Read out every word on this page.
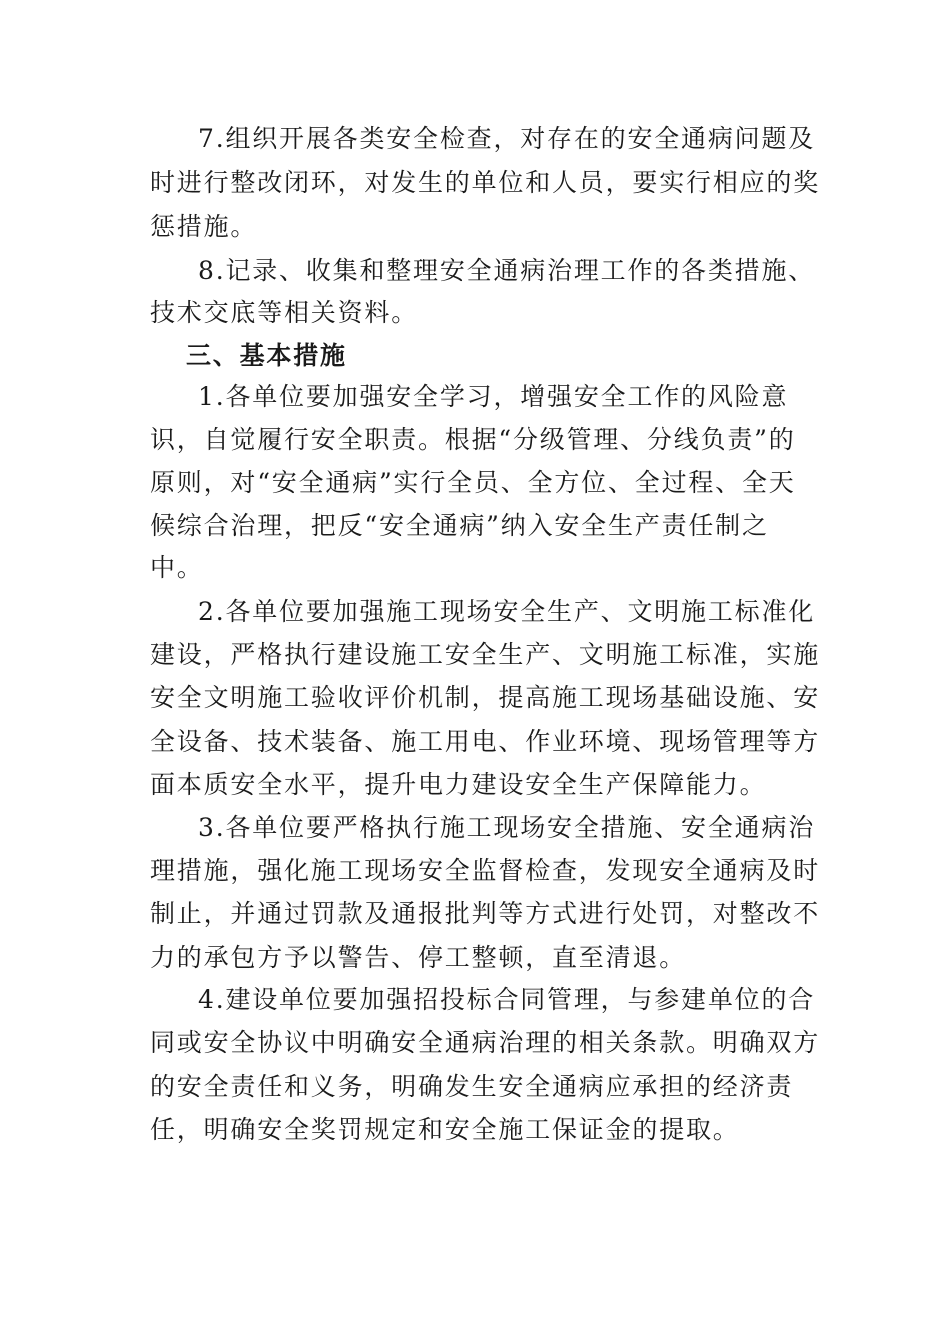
7.组织开展各类安全检查，对存在的安全通病问题及
时进行整改闭环，对发生的单位和人员，要实行相应的奖
惩措施。
8.记录、收集和整理安全通病治理工作的各类措施、
技术交底等相关资料。
三、基本措施
1.各单位要加强安全学习，增强安全工作的风险意
识，自觉履行安全职责。根据“分级管理、分线负责”的
原则，对“安全通病”实行全员、全方位、全过程、全天
候综合治理，把反“安全通病”纳入安全生产责任制之
中。
2.各单位要加强施工现场安全生产、文明施工标准化
建设，严格执行建设施工安全生产、文明施工标准，实施
安全文明施工验收评价机制，提高施工现场基础设施、安
全设备、技术装备、施工用电、作业环境、现场管理等方
面本质安全水平，提升电力建设安全生产保障能力。
3.各单位要严格执行施工现场安全措施、安全通病治
理措施，强化施工现场安全监督检查，发现安全通病及时
制止，并通过罚款及通报批判等方式进行处罚，对整改不
力的承包方予以警告、停工整顿，直至清退。
4.建设单位要加强招投标合同管理，与参建单位的合
同或安全协议中明确安全通病治理的相关条款。明确双方
的安全责任和义务，明确发生安全通病应承担的经济责
任，明确安全奖罚规定和安全施工保证金的提取。
